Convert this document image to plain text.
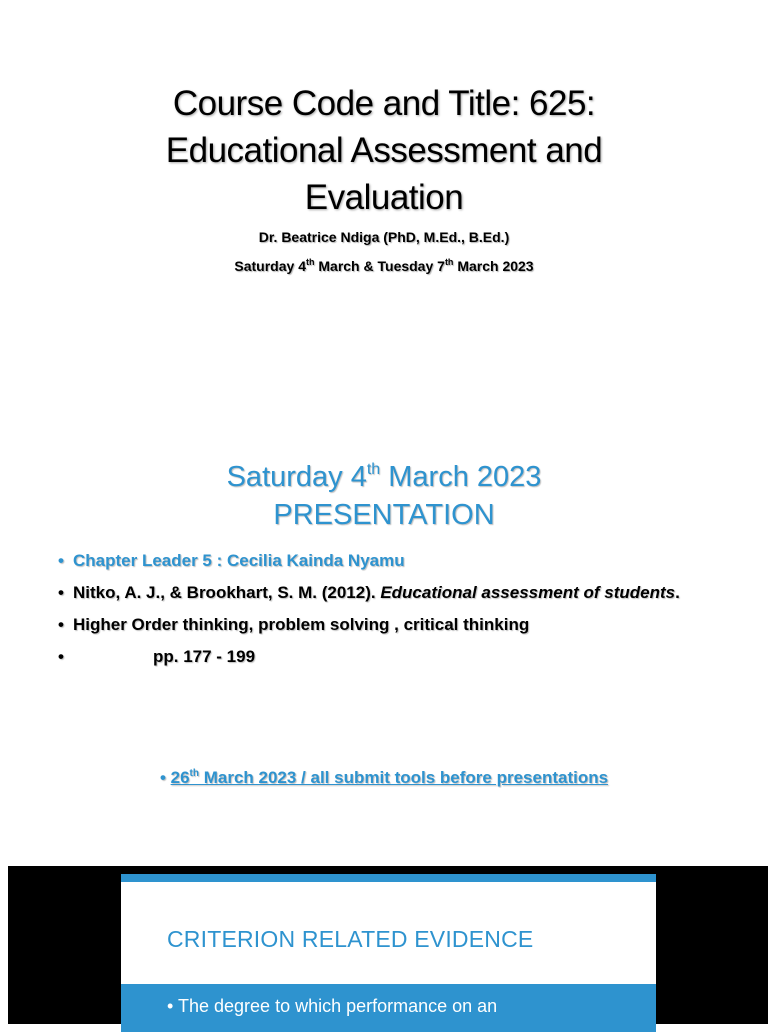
Course Code and Title: 625:
Educational Assessment and
Evaluation
Dr. Beatrice Ndiga (PhD, M.Ed., B.Ed.)
Saturday 4th March & Tuesday 7th March 2023
Saturday 4th March 2023
PRESENTATION
• Chapter Leader 5 : Cecilia Kainda Nyamu
• Nitko, A. J., & Brookhart, S. M. (2012). Educational assessment of students.
• Higher Order thinking, problem solving , critical thinking
•	pp. 177 - 199
• 26th March 2023 / all submit tools before presentations
CRITERION RELATED EVIDENCE
• The degree to which performance on an
